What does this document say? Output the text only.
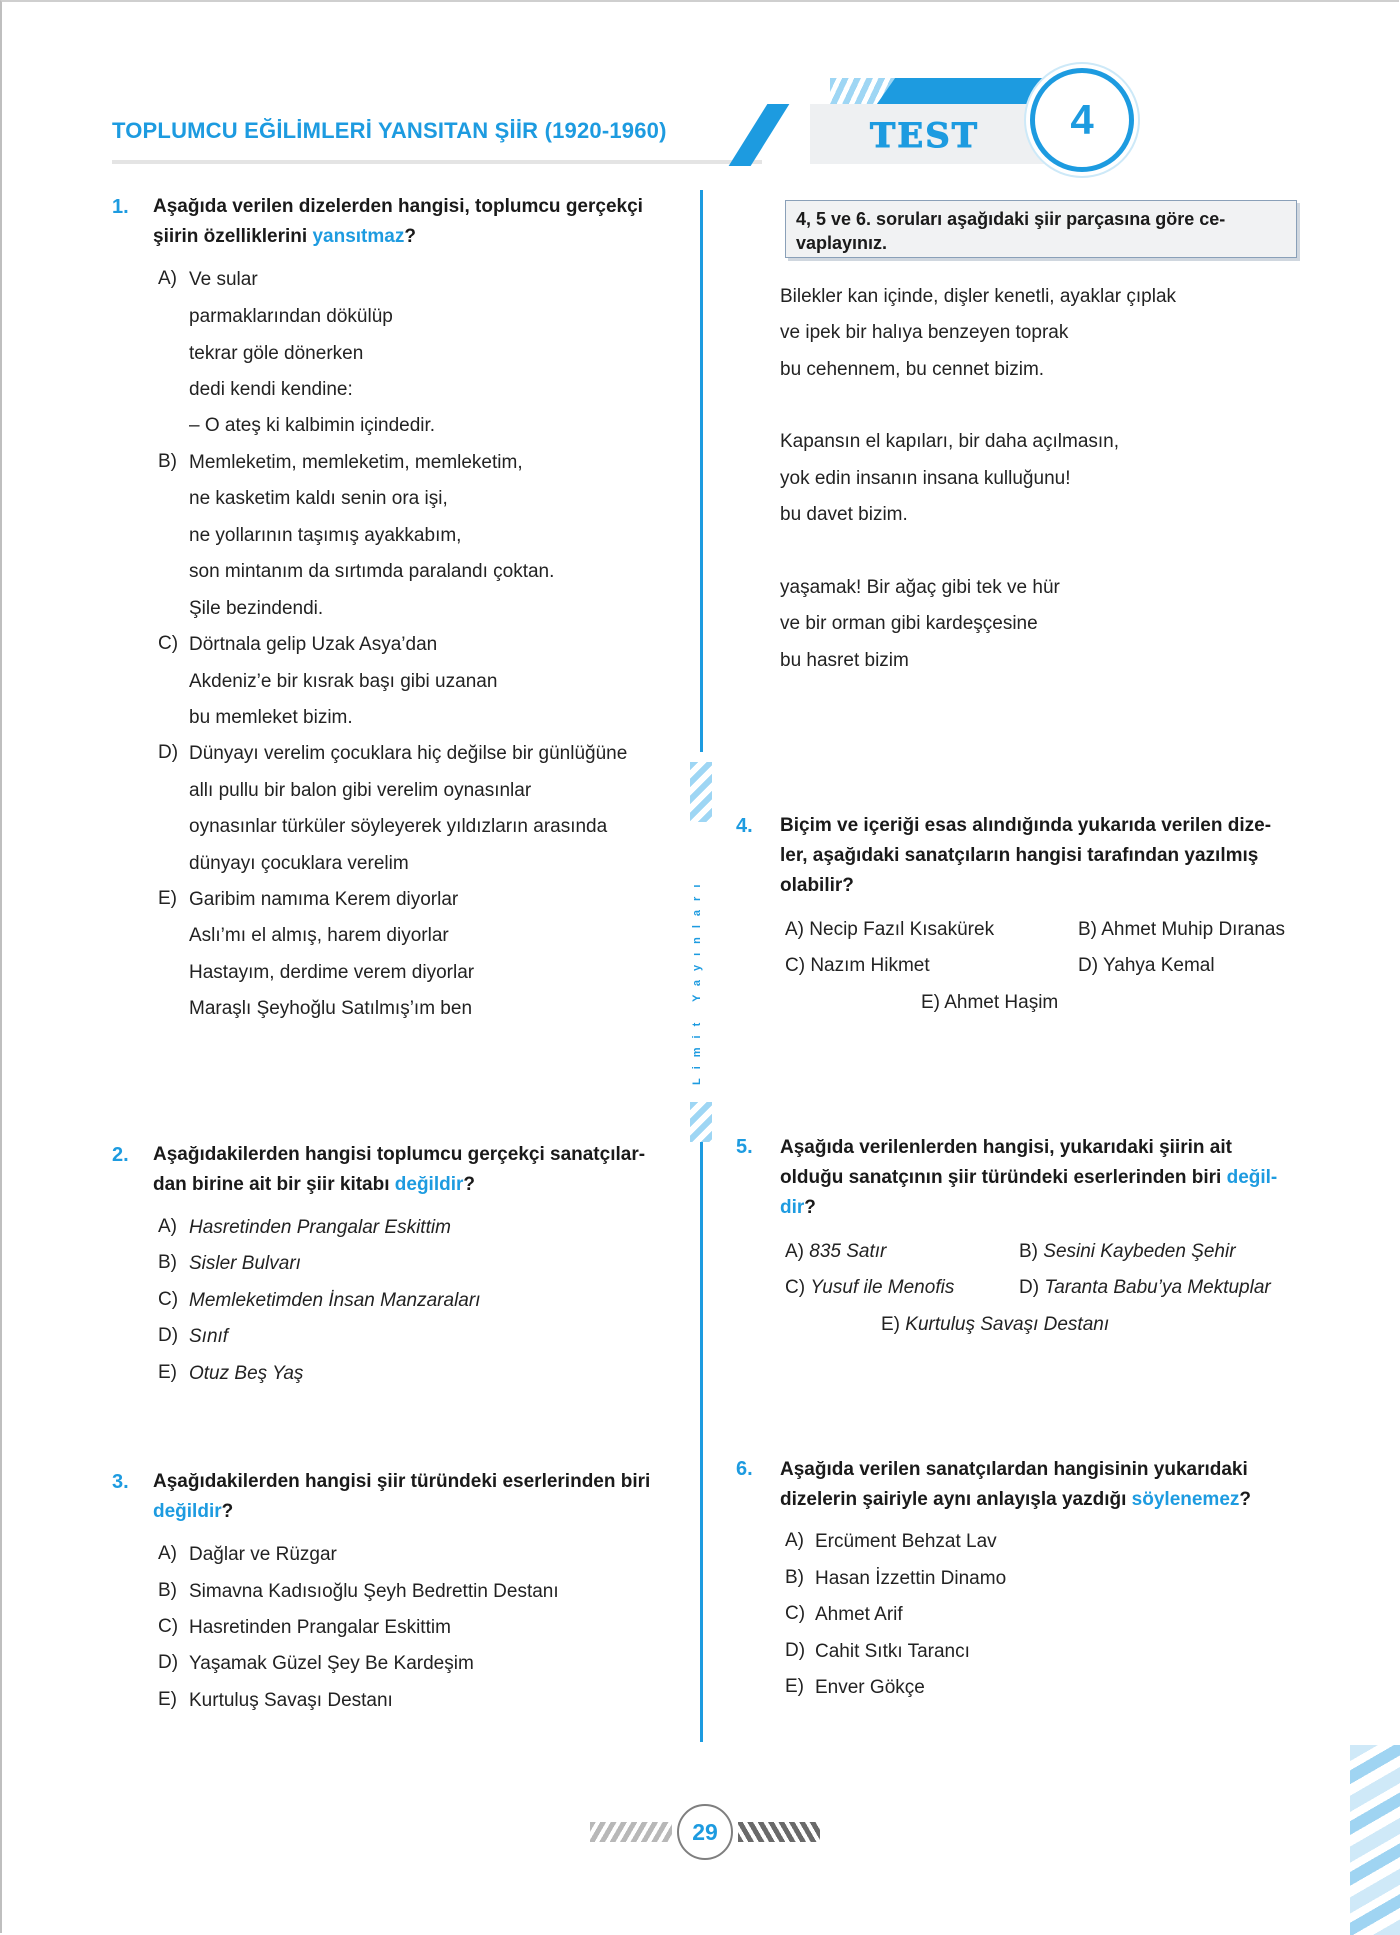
TOPLUMCU EĞİLİMLERİ YANSITAN ŞİİR (1920-1960)	TEST	4
Limit Yayınları
1. Aşağıda verilen dizelerden hangisi, toplumcu gerçekçi şiirin özelliklerini yansıtmaz?
A) Ve sular
parmaklarından dökülüp
tekrar göle dönerken
dedi kendi kendine:
– O ateş ki kalbimin içindedir.
B) Memleketim, memleketim, memleketim,
ne kasketim kaldı senin ora işi,
ne yollarının taşımış ayakkabım,
son mintanım da sırtımda paralandı çoktan.
Şile bezindendi.
C) Dörtnala gelip Uzak Asya’dan
Akdeniz’e bir kısrak başı gibi uzanan
bu memleket bizim.
D) Dünyayı verelim çocuklara hiç değilse bir günlüğüne
allı pullu bir balon gibi verelim oynasınlar
oynasınlar türküler söyleyerek yıldızların arasında
dünyayı çocuklara verelim
E) Garibim namıma Kerem diyorlar
Aslı’mı el almış, harem diyorlar
Hastayım, derdime verem diyorlar
Maraşlı Şeyhoğlu Satılmış’ım ben
2. Aşağıdakilerden hangisi toplumcu gerçekçi sanatçılar- dan birine ait bir şiir kitabı değildir?
A) Hasretinden Prangalar Eskittim
B) Sisler Bulvarı
C) Memleketimden İnsan Manzaraları
D) Sınıf
E) Otuz Beş Yaş
3. Aşağıdakilerden hangisi şiir türündeki eserlerinden biri değildir?
A) Dağlar ve Rüzgar
B) Simavna Kadısıoğlu Şeyh Bedrettin Destanı
C) Hasretinden Prangalar Eskittim
D) Yaşamak Güzel Şey Be Kardeşim
E) Kurtuluş Savaşı Destanı
4, 5 ve 6. soruları aşağıdaki şiir parçasına göre ce- vaplayınız.
Bilekler kan içinde, dişler kenetli, ayaklar çıplak
ve ipek bir halıya benzeyen toprak
bu cehennem, bu cennet bizim.
Kapansın el kapıları, bir daha açılmasın,
yok edin insanın insana kulluğunu!
bu davet bizim.
yaşamak! Bir ağaç gibi tek ve hür
ve bir orman gibi kardeşçesine
bu hasret bizim
4. Biçim ve içeriği esas alındığında yukarıda verilen dize- ler, aşağıdaki sanatçıların hangisi tarafından yazılmış olabilir?
A) Necip Fazıl Kısakürek	B) Ahmet Muhip Dıranas
C) Nazım Hikmet	D) Yahya Kemal
E) Ahmet Haşim
5. Aşağıda verilenlerden hangisi, yukarıdaki şiirin ait olduğu sanatçının şiir türündeki eserlerinden biri değil- dir?
A) 835 Satır	B) Sesini Kaybeden Şehir
C) Yusuf ile Menofis	D) Taranta Babu’ya Mektuplar
E) Kurtuluş Savaşı Destanı
6. Aşağıda verilen sanatçılardan hangisinin yukarıdaki dizelerin şairiyle aynı anlayışla yazdığı söylenemez?
A) Ercüment Behzat Lav
B) Hasan İzzettin Dinamo
C) Ahmet Arif
D) Cahit Sıtkı Tarancı
E) Enver Gökçe
29
